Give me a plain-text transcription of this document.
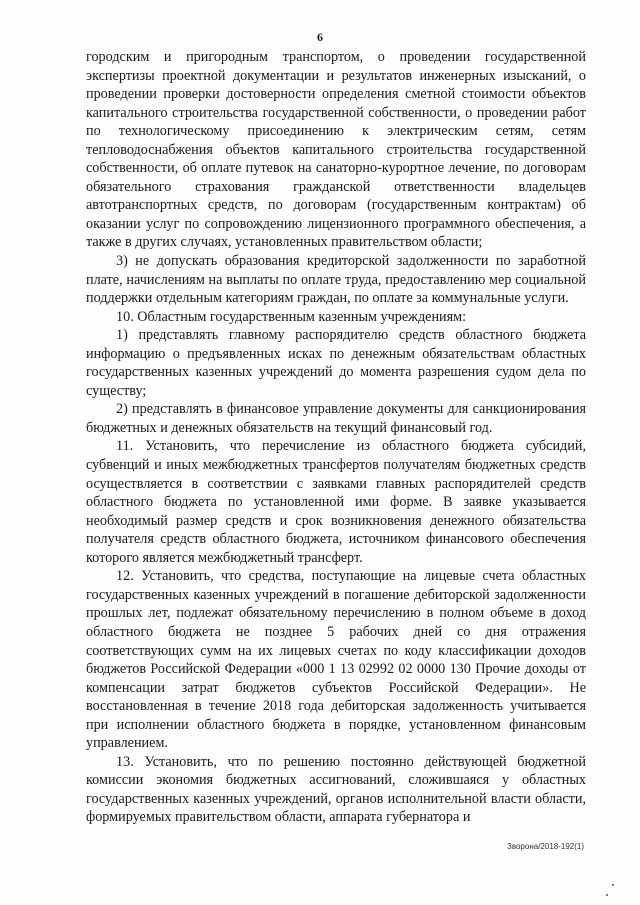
6

городским и пригородным транспортом, о проведении государственной экспертизы проектной документации и результатов инженерных изысканий, о проведении проверки достоверности определения сметной стоимости объектов капитального строительства государственной собственности, о проведении работ по технологическому присоединению к электрическим сетям, сетям тепловодоснабжения объектов капитального строительства государственной собственности, об оплате путевок на санаторно-курортное лечение, по договорам обязательного страхования гражданской ответственности владельцев автотранспортных средств, по договорам (государственным контрактам) об оказании услуг по сопровождению лицензионного программного обеспечения, а также в других случаях, установленных правительством области;

3) не допускать образования кредиторской задолженности по заработной плате, начислениям на выплаты по оплате труда, предоставлению мер социальной поддержки отдельным категориям граждан, по оплате за коммунальные услуги.

10. Областным государственным казенным учреждениям:

1) представлять главному распорядителю средств областного бюджета информацию о предъявленных исках по денежным обязательствам областных государственных казенных учреждений до момента разрешения судом дела по существу;

2) представлять в финансовое управление документы для санкционирования бюджетных и денежных обязательств на текущий финансовый год.

11. Установить, что перечисление из областного бюджета субсидий, субвенций и иных межбюджетных трансфертов получателям бюджетных средств осуществляется в соответствии с заявками главных распорядителей средств областного бюджета по установленной ими форме. В заявке указывается необходимый размер средств и срок возникновения денежного обязательства получателя средств областного бюджета, источником финансового обеспечения которого является межбюджетный трансферт.

12. Установить, что средства, поступающие на лицевые счета областных государственных казенных учреждений в погашение дебиторской задолженности прошлых лет, подлежат обязательному перечислению в полном объеме в доход областного бюджета не позднее 5 рабочих дней со дня отражения соответствующих сумм на их лицевых счетах по коду классификации доходов бюджетов Российской Федерации «000 1 13 02992 02 0000 130 Прочие доходы от компенсации затрат бюджетов субъектов Российской Федерации». Не восстановленная в течение 2018 года дебиторская задолженность учитывается при исполнении областного бюджета в порядке, установленном финансовым управлением.

13. Установить, что по решению постоянно действующей бюджетной комиссии экономия бюджетных ассигнований, сложившаяся у областных государственных казенных учреждений, органов исполнительной власти области, формируемых правительством области, аппарата губернатора и

Зворона/2018-192(1)
